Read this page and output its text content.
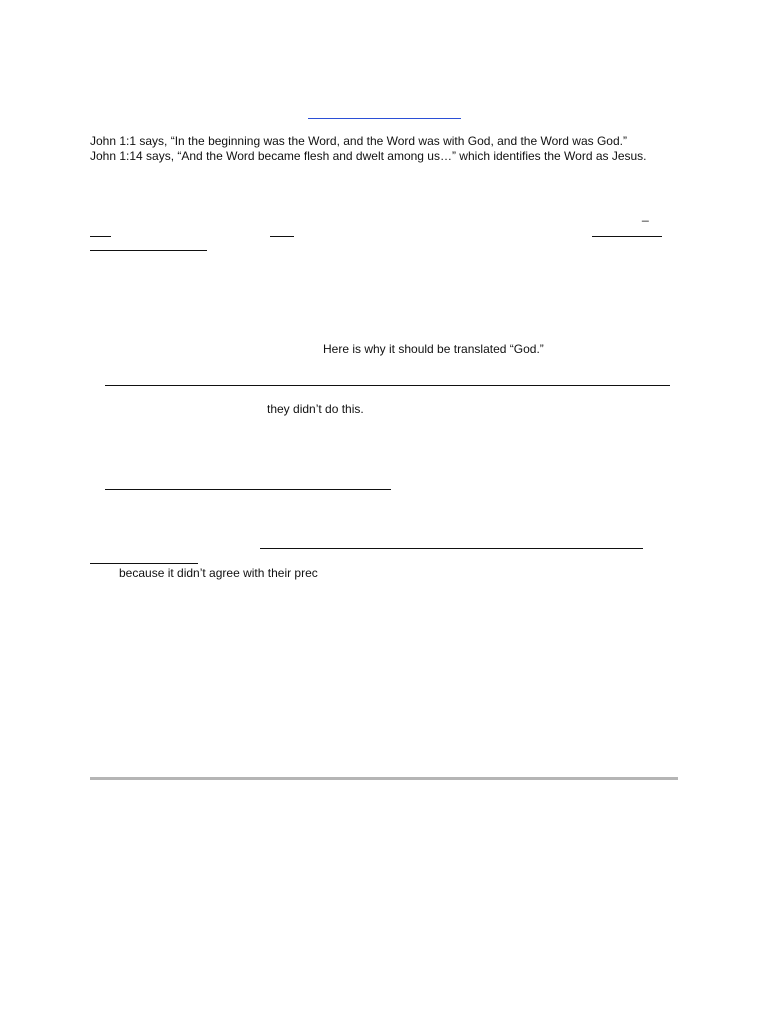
John 1:1 says, “In the beginning was the Word, and the Word was with God, and the Word was God.”
John 1:14 says, “And the Word became flesh and dwelt among us…” which identifies the Word as Jesus.
_
Here is why it should be translated “God.”
they didn’t do this.
because it didn’t agree with their prec
